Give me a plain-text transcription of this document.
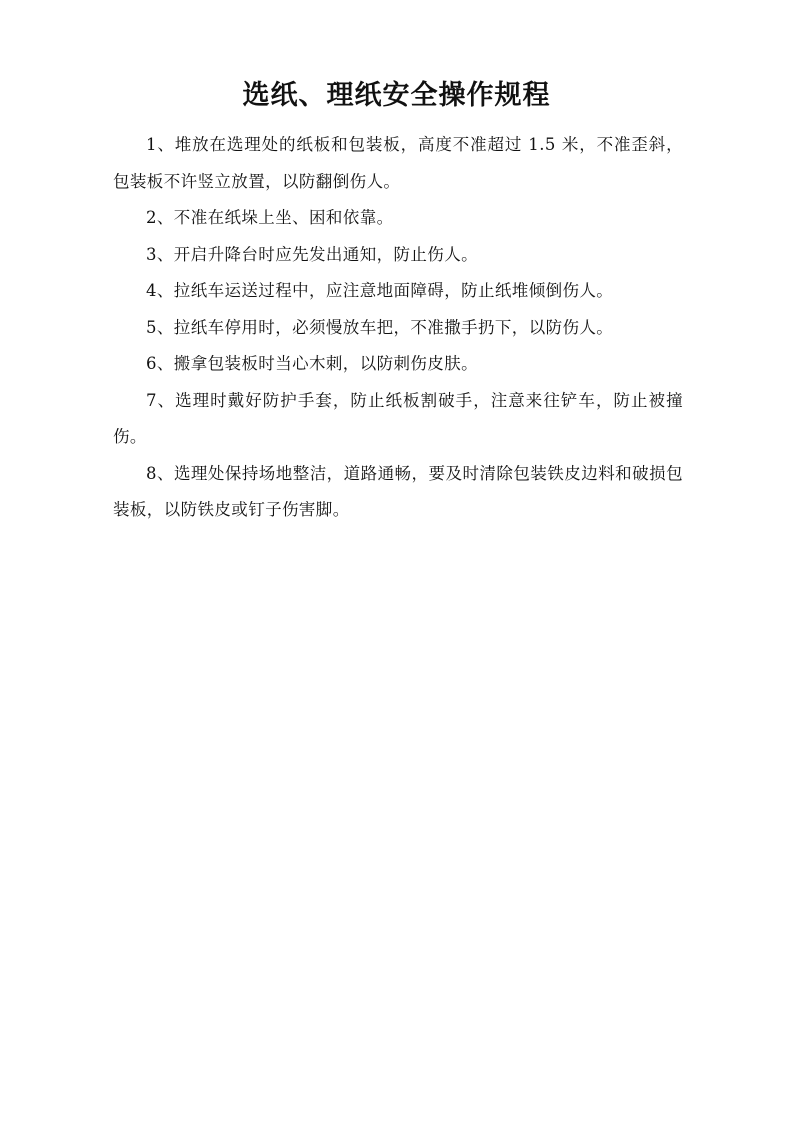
选纸、理纸安全操作规程

1、堆放在选理处的纸板和包装板，高度不准超过 1.5 米，不准歪斜，包装板不许竖立放置，以防翻倒伤人。

2、不准在纸垛上坐、困和依靠。

3、开启升降台时应先发出通知，防止伤人。

4、拉纸车运送过程中，应注意地面障碍，防止纸堆倾倒伤人。

5、拉纸车停用时，必须慢放车把，不准撒手扔下，以防伤人。

6、搬拿包装板时当心木刺，以防刺伤皮肤。

7、选理时戴好防护手套，防止纸板割破手，注意来往铲车，防止被撞伤。

8、选理处保持场地整洁，道路通畅，要及时清除包装铁皮边料和破损包装板，以防铁皮或钉子伤害脚。
